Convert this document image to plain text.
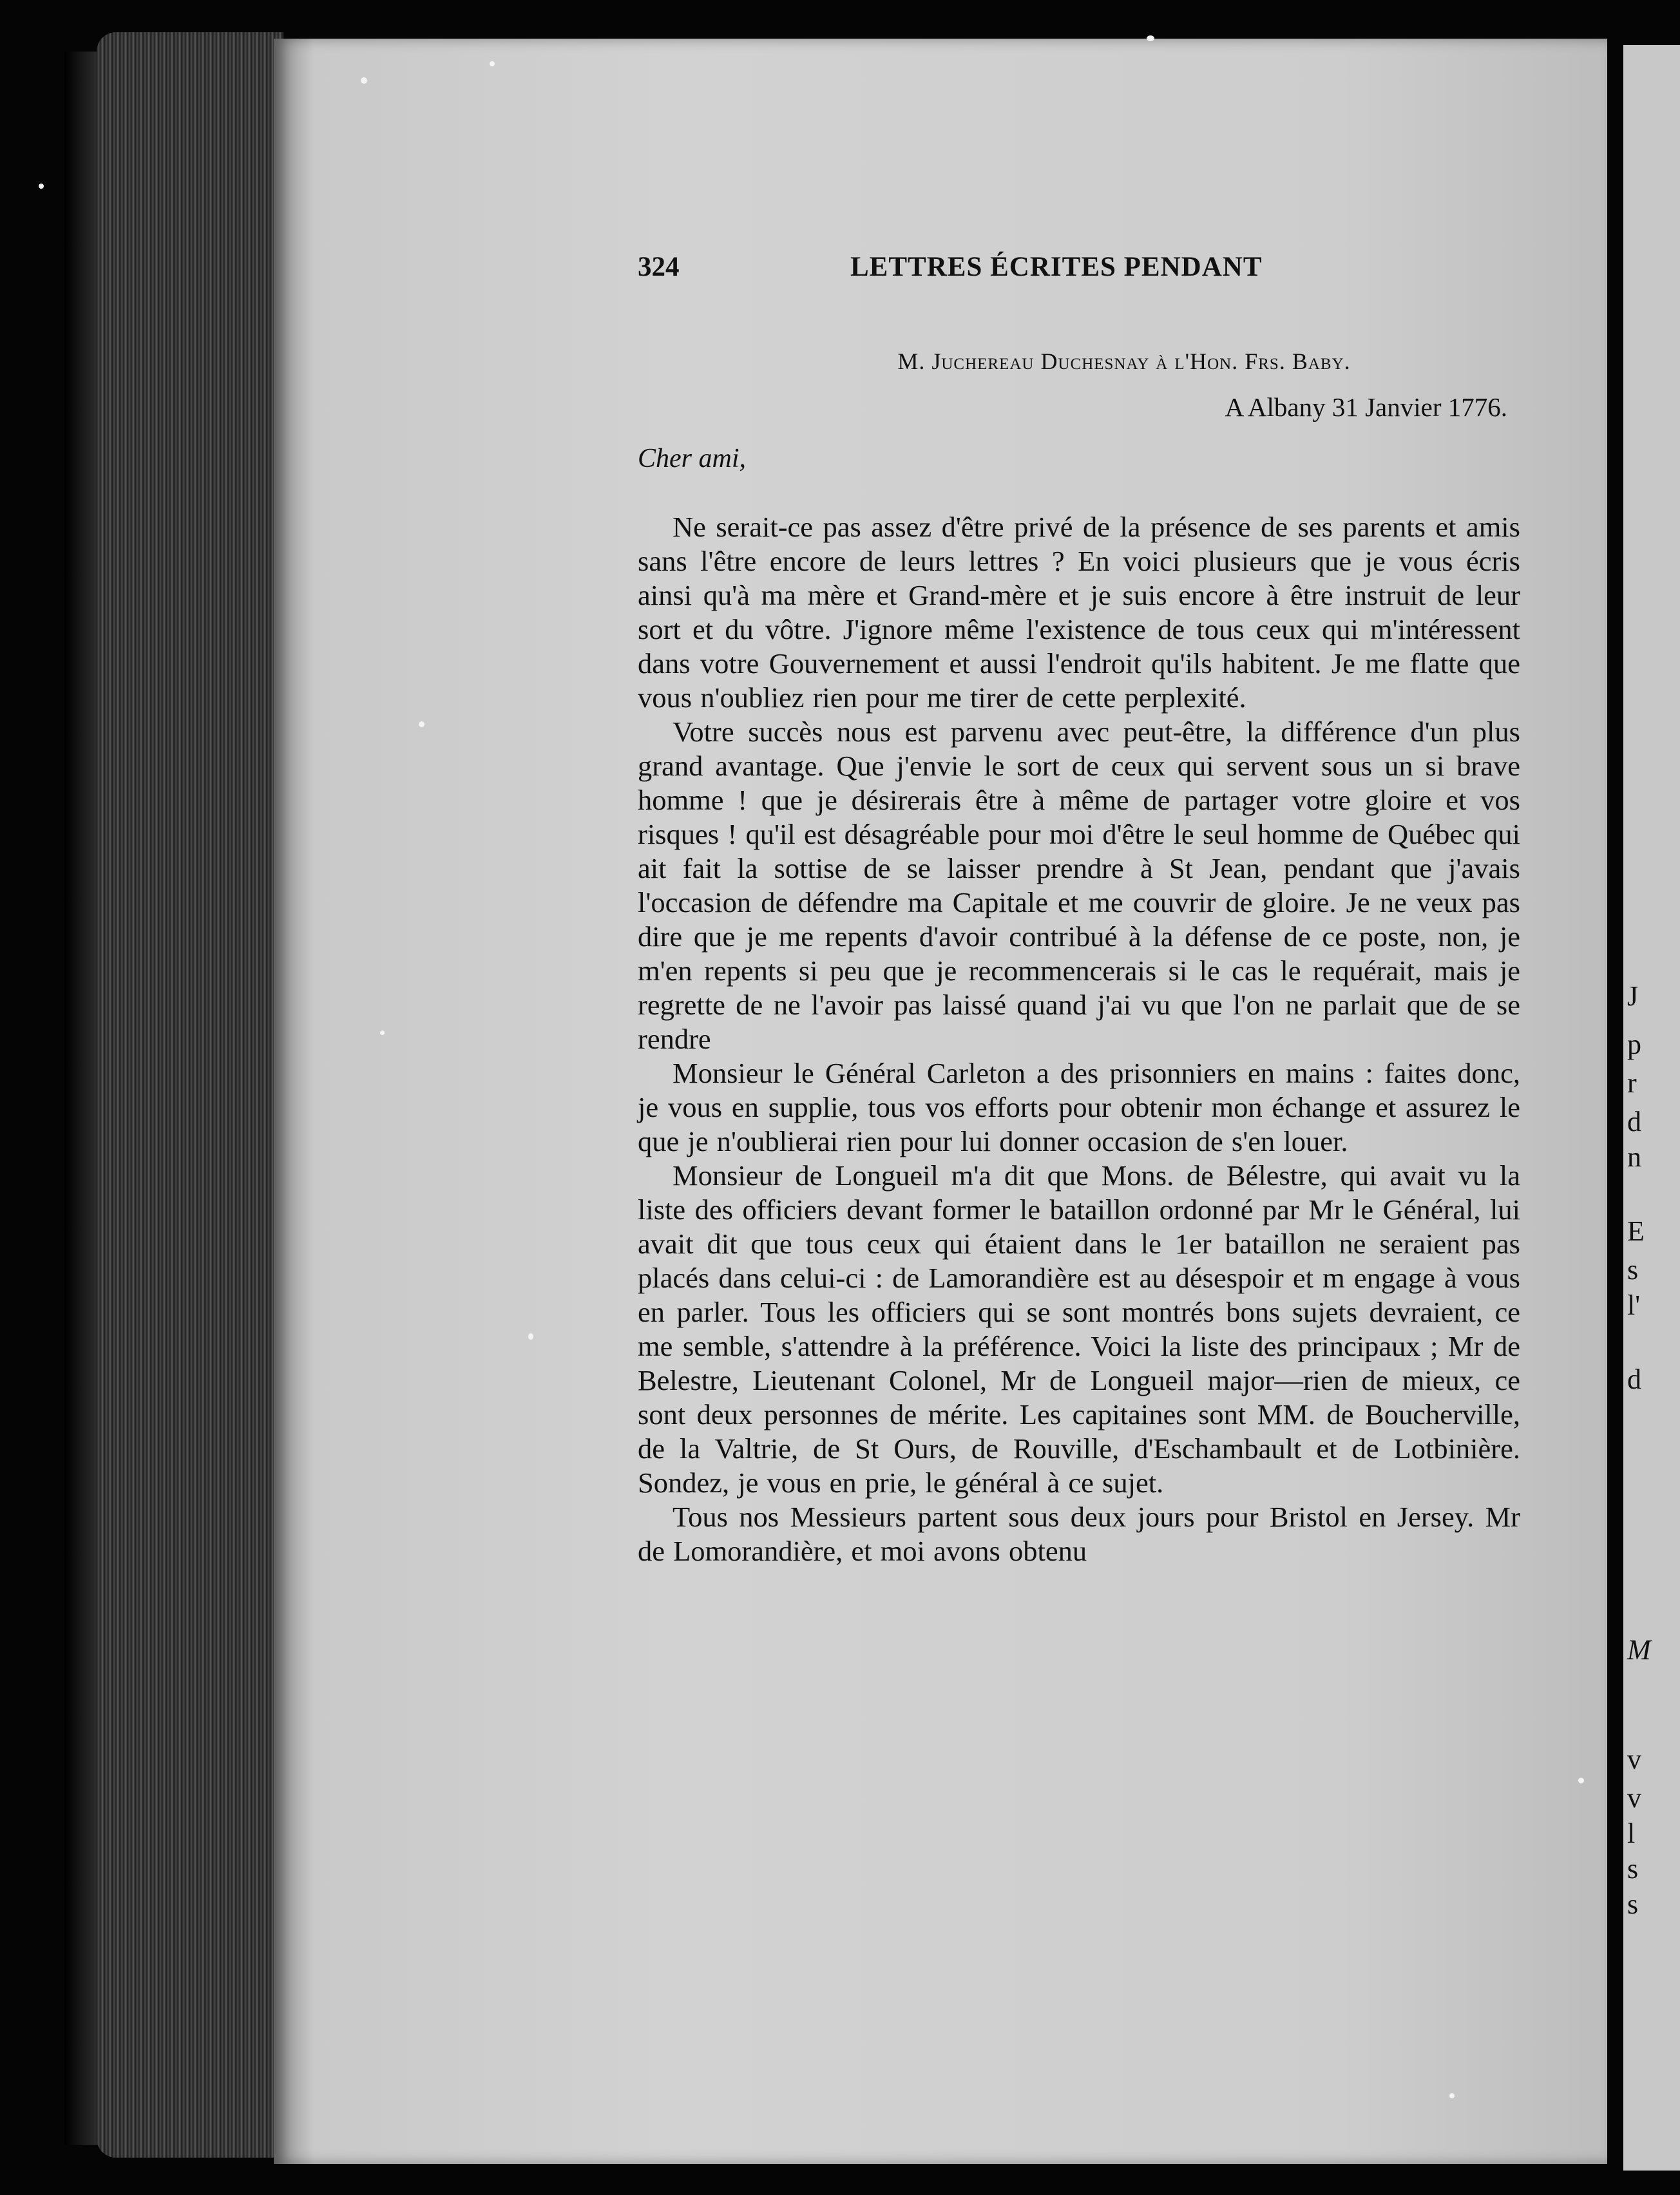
J
p
r
d
n
E
s
l'
d
M
v
v
l
s
s
324	LETTRES ÉCRITES PENDANT
M. Juchereau Duchesnay à l'Hon. Frs. Baby.
A Albany 31 Janvier 1776.
Cher ami,

Ne serait-ce pas assez d'être privé de la présence de ses parents et amis sans l'être encore de leurs lettres ? En voici plusieurs que je vous écris ainsi qu'à ma mère et Grand-mère et je suis encore à être instruit de leur sort et du vôtre. J'ignore même l'existence de tous ceux qui m'intéressent dans votre Gouvernement et aussi l'endroit qu'ils habitent. Je me flatte que vous n'oubliez rien pour me tirer de cette perplexité.

Votre succès nous est parvenu avec peut-être, la différence d'un plus grand avantage. Que j'envie le sort de ceux qui servent sous un si brave homme ! que je désirerais être à même de partager votre gloire et vos risques ! qu'il est désagréable pour moi d'être le seul homme de Québec qui ait fait la sottise de se laisser prendre à St Jean, pendant que j'avais l'occasion de défendre ma Capitale et me couvrir de gloire. Je ne veux pas dire que je me repents d'avoir contribué à la défense de ce poste, non, je m'en repents si peu que je recommencerais si le cas le requérait, mais je regrette de ne l'avoir pas laissé quand j'ai vu que l'on ne parlait que de se rendre

Monsieur le Général Carleton a des prisonniers en mains : faites donc, je vous en supplie, tous vos efforts pour obtenir mon échange et assurez le que je n'oublierai rien pour lui donner occasion de s'en louer.

Monsieur de Longueil m'a dit que Mons. de Bélestre, qui avait vu la liste des officiers devant former le bataillon ordonné par Mr le Général, lui avait dit que tous ceux qui étaient dans le 1er bataillon ne seraient pas placés dans celui-ci : de Lamorandière est au désespoir et m engage à vous en parler. Tous les officiers qui se sont montrés bons sujets devraient, ce me semble, s'attendre à la préférence. Voici la liste des principaux ; Mr de Belestre, Lieutenant Colonel, Mr de Longueil major—rien de mieux, ce sont deux personnes de mérite. Les capitaines sont MM. de Boucherville, de la Valtrie, de St Ours, de Rouville, d'Eschambault et de Lotbinière. Sondez, je vous en prie, le général à ce sujet.

Tous nos Messieurs partent sous deux jours pour Bristol en Jersey. Mr de Lomorandière, et moi avons obtenu
